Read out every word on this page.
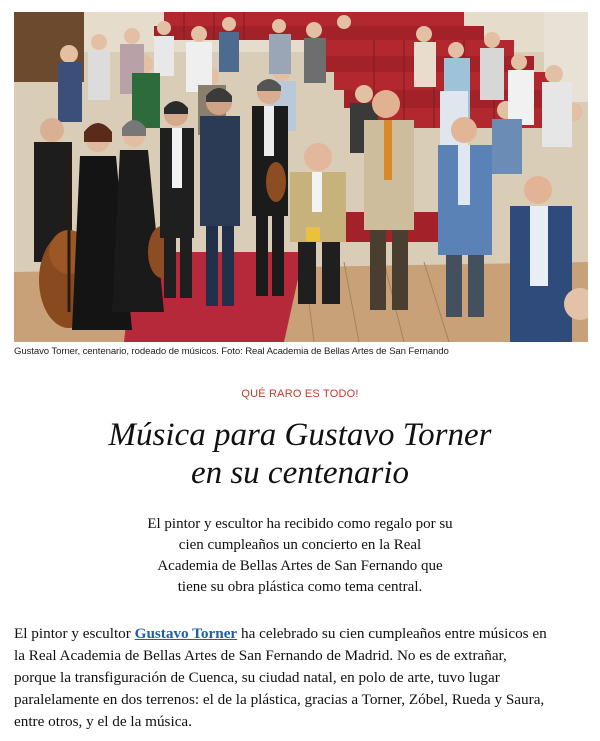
Gustavo Torner, centenario, rodeado de músicos. Foto: Real Academia de Bellas Artes de San Fernando
QUÉ RARO ES TODO!
Música para Gustavo Torner
en su centenario
El pintor y escultor ha recibido como regalo por su
cien cumpleaños un concierto en la Real
Academia de Bellas Artes de San Fernando que
tiene su obra plástica como tema central.
El pintor y escultor Gustavo Torner ha celebrado su cien cumpleaños entre músicos en
la Real Academia de Bellas Artes de San Fernando de Madrid. No es de extrañar,
porque la transfiguración de Cuenca, su ciudad natal, en polo de arte, tuvo lugar
paralelamente en dos terrenos: el de la plástica, gracias a Torner, Zóbel, Rueda y Saura,
entre otros, y el de la música.
